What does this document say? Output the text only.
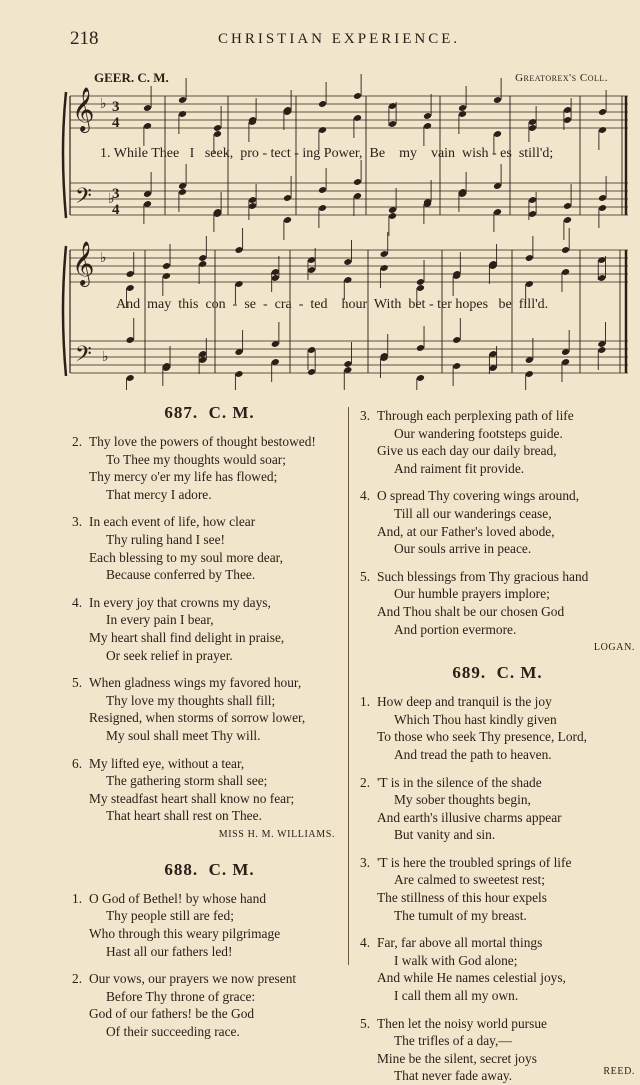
218	CHRISTIAN EXPERIENCE.
GEER. C. M.	Greatorex's Coll.
𝄞
𝄢
♭
♭
3
4
3
4
𝄞
𝄢
♭
♭
1. While Thee   I   seek,  pro - tect - ing Power,  Be    my    vain  wish - es  still'd;
And  may  this  con  -  se  -  cra  -  ted    hour  With  bet - ter hopes   be  fill'd.
687. C. M.
2. Thy love the powers of thought bestowed!
To Thee my thoughts would soar;
Thy mercy o'er my life has flowed;
That mercy I adore.
3. In each event of life, how clear
Thy ruling hand I see!
Each blessing to my soul more dear,
Because conferred by Thee.
4. In every joy that crowns my days,
In every pain I bear,
My heart shall find delight in praise,
Or seek relief in prayer.
5. When gladness wings my favored hour,
Thy love my thoughts shall fill;
Resigned, when storms of sorrow lower,
My soul shall meet Thy will.
6. My lifted eye, without a tear,
The gathering storm shall see;
My steadfast heart shall know no fear;
That heart shall rest on Thee.
MISS H. M. WILLIAMS.
688. C. M.
1. O God of Bethel! by whose hand
Thy people still are fed;
Who through this weary pilgrimage
Hast all our fathers led!
2. Our vows, our prayers we now present
Before Thy throne of grace:
God of our fathers! be the God
Of their succeeding race.
3. Through each perplexing path of life
Our wandering footsteps guide.
Give us each day our daily bread,
And raiment fit provide.
4. O spread Thy covering wings around,
Till all our wanderings cease,
And, at our Father's loved abode,
Our souls arrive in peace.
5. Such blessings from Thy gracious hand
Our humble prayers implore;
And Thou shalt be our chosen God
And portion evermore.
LOGAN.
689. C. M.
1. How deep and tranquil is the joy
Which Thou hast kindly given
To those who seek Thy presence, Lord,
And tread the path to heaven.
2. 'T is in the silence of the shade
My sober thoughts begin,
And earth's illusive charms appear
But vanity and sin.
3. 'T is here the troubled springs of life
Are calmed to sweetest rest;
The stillness of this hour expels
The tumult of my breast.
4. Far, far above all mortal things
I walk with God alone;
And while He names celestial joys,
I call them all my own.
5. Then let the noisy world pursue
The trifles of a day,—
Mine be the silent, secret joys
That never fade away.	REED.
